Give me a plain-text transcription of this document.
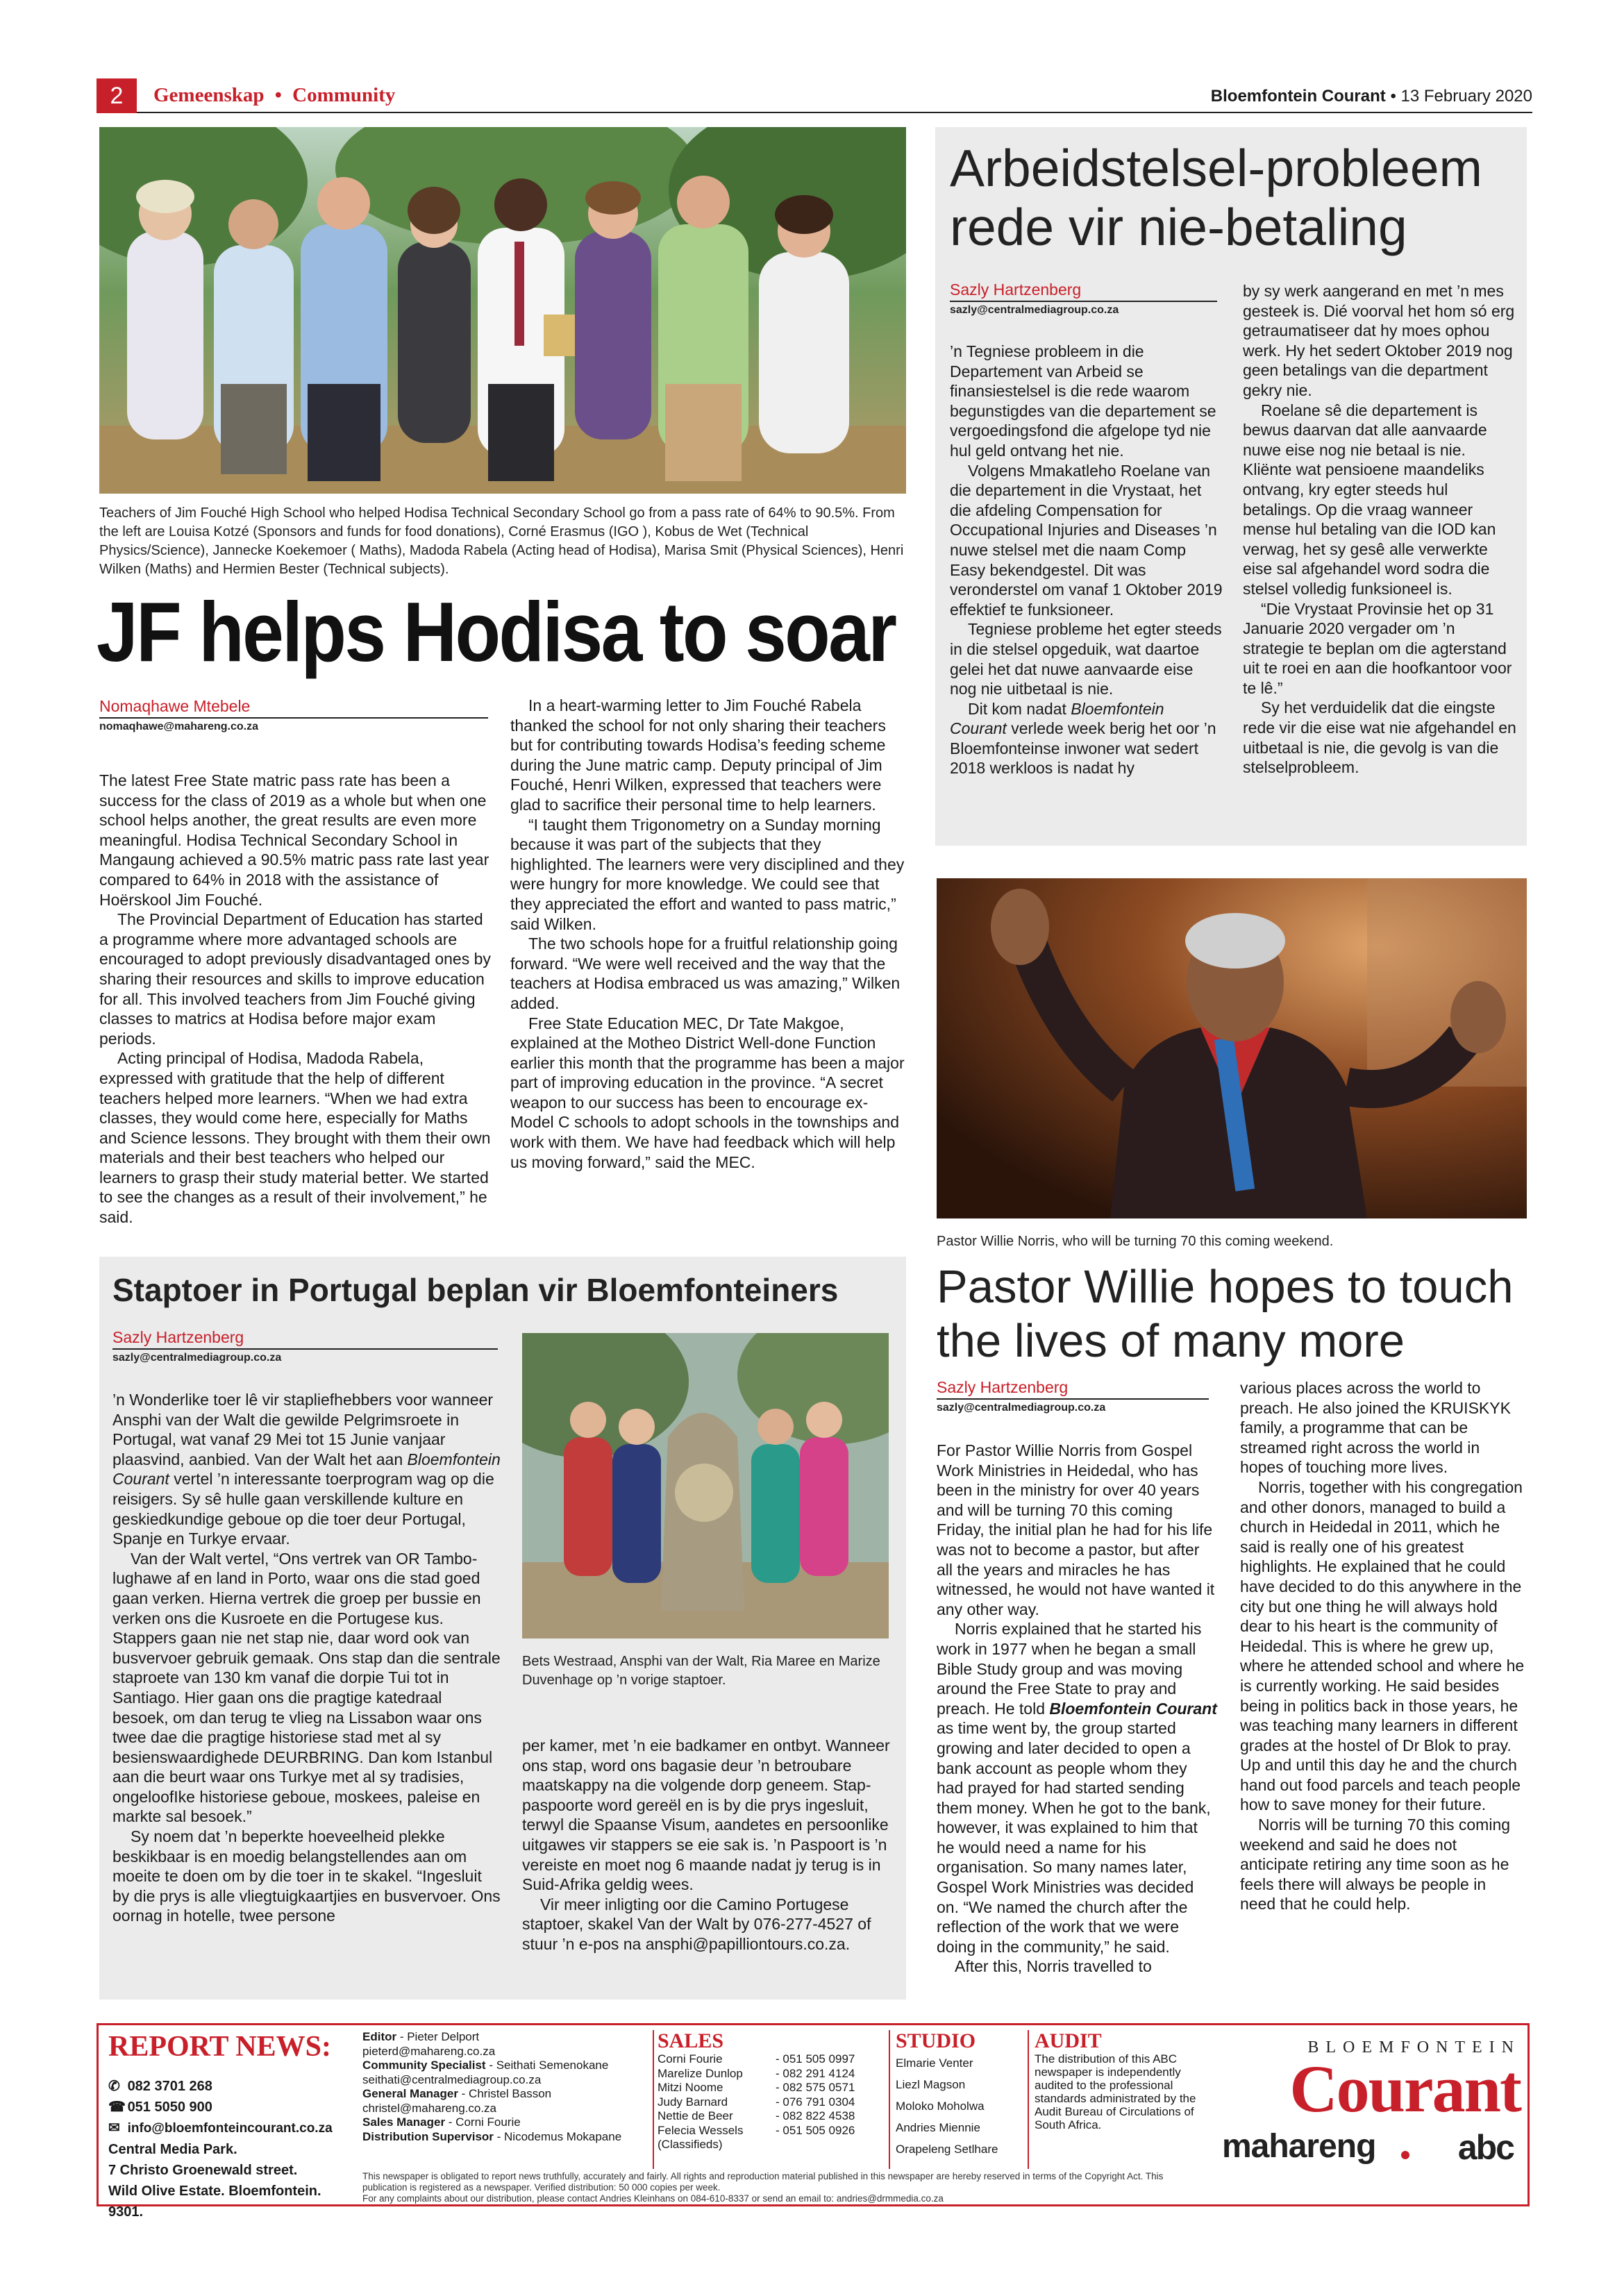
2	Gemeenskap • Community	Bloemfontein Courant • 13 February 2020
Teachers of Jim Fouché High School who helped Hodisa Technical Secondary School go from a pass rate of 64% to 90.5%. From the left are Louisa Kotzé (Sponsors and funds for food donations), Corné Erasmus (IGO ), Kobus de Wet (Technical Physics/Science), Jannecke Koekemoer ( Maths), Madoda Rabela (Acting head of Hodisa), Marisa Smit (Physical Sciences), Henri Wilken (Maths) and Hermien Bester (Technical subjects).
JF helps Hodisa to soar
Nomaqhawe Mtebele
nomaqhawe@mahareng.co.za

The latest Free State matric pass rate has been a success for the class of 2019 as a whole but when one school helps another, the great results are even more meaningful. Hodisa Technical Secondary School in Mangaung achieved a 90.5% matric pass rate last year compared to 64% in 2018 with the assistance of Hoërskool Jim Fouché.

The Provincial Department of Education has started a programme where more advantaged schools are encouraged to adopt previously disadvantaged ones by sharing their resources and skills to improve education for all. This involved teachers from Jim Fouché giving classes to matrics at Hodisa before major exam periods.

Acting principal of Hodisa, Madoda Rabela, expressed with gratitude that the help of different teachers helped more learners. “When we had extra classes, they would come here, especially for Maths and Science lessons. They brought with them their own materials and their best teachers who helped our learners to grasp their study material better. We started to see the changes as a result of their involvement,” he said.

In a heart-warming letter to Jim Fouché Rabela thanked the school for not only sharing their teachers but for contributing towards Hodisa’s feeding scheme during the June matric camp. Deputy principal of Jim Fouché, Henri Wilken, expressed that teachers were glad to sacrifice their personal time to help learners.

“I taught them Trigonometry on a Sunday morning because it was part of the subjects that they highlighted. The learners were very disciplined and they were hungry for more knowledge. We could see that they appreciated the effort and wanted to pass matric,” said Wilken.

The two schools hope for a fruitful relationship going forward. “We were well received and the way that the teachers at Hodisa embraced us was amazing,” Wilken added.

Free State Education MEC, Dr Tate Makgoe, explained at the Motheo District Well-done Function earlier this month that the programme has been a major part of improving education in the province. “A secret weapon to our success has been to encourage ex-Model C schools to adopt schools in the townships and work with them. We have had feedback which will help us moving forward,” said the MEC.

Arbeidstelsel-probleem rede vir nie-betaling
Sazly Hartzenberg
sazly@centralmediagroup.co.za

’n Tegniese probleem in die Departement van Arbeid se finansiestelsel is die rede waarom begunstigdes van die departement se vergoedingsfond die afgelope tyd nie hul geld ontvang het nie.

Volgens Mmakatleho Roelane van die departement in die Vrystaat, het die afdeling Compensation for Occupational Injuries and Diseases ’n nuwe stelsel met die naam Comp Easy bekendgestel. Dit was veronderstel om vanaf 1 Oktober 2019 effektief te funksioneer.

Tegniese probleme het egter steeds in die stelsel opgeduik, wat daartoe gelei het dat nuwe aanvaarde eise nog nie uitbetaal is nie.

Dit kom nadat Bloemfontein Courant verlede week berig het oor ’n Bloemfonteinse inwoner wat sedert 2018 werkloos is nadat hy

by sy werk aangerand en met ’n mes gesteek is. Dié voorval het hom só erg getraumatiseer dat hy moes ophou werk. Hy het sedert Oktober 2019 nog geen betalings van die department gekry nie.

Roelane sê die departement is bewus daarvan dat alle aanvaarde nuwe eise nog nie betaal is nie. Kliënte wat pensioene maandeliks ontvang, kry egter steeds hul betalings. Op die vraag wanneer mense hul betaling van die IOD kan verwag, het sy gesê alle verwerkte eise sal afgehandel word sodra die stelsel volledig funksioneel is.

“Die Vrystaat Provinsie het op 31 Januarie 2020 vergader om ’n strategie te beplan om die agterstand uit te roei en aan die hoofkantoor voor te lê.”

Sy het verduidelik dat die eingste rede vir die eise wat nie afgehandel en uitbetaal is nie, die gevolg is van die stelselprobleem.

Pastor Willie Norris, who will be turning 70 this coming weekend.
Staptoer in Portugal beplan vir Bloemfonteiners
Sazly Hartzenberg
sazly@centralmediagroup.co.za

’n Wonderlike toer lê vir stapliefhebbers voor wanneer Ansphi van der Walt die gewilde Pelgrimsroete in Portugal, wat vanaf 29 Mei tot 15 Junie vanjaar plaasvind, aanbied. Van der Walt het aan Bloemfontein Courant vertel ’n interessante toerprogram wag op die reisigers. Sy sê hulle gaan verskillende kulture en geskiedkundige geboue op die toer deur Portugal, Spanje en Turkye ervaar.

Van der Walt vertel, “Ons vertrek van OR Tambo-lughawe af en land in Porto, waar ons die stad goed gaan verken. Hierna vertrek die groep per bussie en verken ons die Kusroete en die Portugese kus. Stappers gaan nie net stap nie, daar word ook van busvervoer gebruik gemaak. Ons stap dan die sentrale staproete van 130 km vanaf die dorpie Tui tot in Santiago. Hier gaan ons die pragtige katedraal besoek, om dan terug te vlieg na Lissabon waar ons twee dae die pragtige historiese stad met al sy besienswaardighede DEURBRING. Dan kom Istanbul aan die beurt waar ons Turkye met al sy tradisies, ongeloofIke historiese geboue, moskees, paleise en markte sal besoek.”

Sy noem dat ’n beperkte hoeveelheid plekke beskikbaar is en moedig belangstellendes aan om moeite te doen om by die toer in te skakel. “Ingesluit by die prys is alle vliegtuigkaartjies en busvervoer. Ons oornag in hotelle, twee persone

Bets Westraad, Ansphi van der Walt, Ria Maree en Marize Duvenhage op ’n vorige staptoer.

per kamer, met ’n eie badkamer en ontbyt. Wanneer ons stap, word ons bagasie deur ’n betroubare maatskappy na die volgende dorp geneem. Stap-paspoorte word gereël en is by die prys ingesluit, terwyl die Spaanse Visum, aandetes en persoonlike uitgawes vir stappers se eie sak is. ’n Paspoort is ’n vereiste en moet nog 6 maande nadat jy terug is in Suid-Afrika geldig wees.

Vir meer inligting oor die Camino Portugese staptoer, skakel Van der Walt by 076-277-4527 of stuur ’n e-pos na ansphi@papilliontours.co.za.

Pastor Willie hopes to touch the lives of many more
Sazly Hartzenberg
sazly@centralmediagroup.co.za

For Pastor Willie Norris from Gospel Work Ministries in Heidedal, who has been in the ministry for over 40 years and will be turning 70 this coming Friday, the initial plan he had for his life was not to become a pastor, but after all the years and miracles he has witnessed, he would not have wanted it any other way.

Norris explained that he started his work in 1977 when he began a small Bible Study group and was moving around the Free State to pray and preach. He told Bloemfontein Courant as time went by, the group started growing and later decided to open a bank account as people whom they had prayed for had started sending them money. When he got to the bank, however, it was explained to him that he would need a name for his organisation. So many names later, Gospel Work Ministries was decided on. “We named the church after the reflection of the work that we were doing in the community,” he said.

After this, Norris travelled to

various places across the world to preach. He also joined the KRUISKYK family, a programme that can be streamed right across the world in hopes of touching more lives.

Norris, together with his congregation and other donors, managed to build a church in Heidedal in 2011, which he said is really one of his greatest highlights. He explained that he could have decided to do this anywhere in the city but one thing he will always hold dear to his heart is the community of Heidedal. This is where he grew up, where he attended school and where he is currently working. He said besides being in politics back in those years, he was teaching many learners in different grades at the hostel of Dr Blok to pray. Up and until this day he and the church hand out food parcels and teach people how to save money for their future.

Norris will be turning 70 this coming weekend and said he does not anticipate retiring any time soon as he feels there will always be people in need that he could help.

REPORT NEWS:
✆ 082 3701 268
☎ 051 5050 900
✉ info@bloemfonteincourant.co.za
Central Media Park.
7 Christo Groenewald street.
Wild Olive Estate. Bloemfontein. 9301.
Editor - Pieter Delport
pieterd@mahareng.co.za
Community Specialist - Seithati Semenokane
seithati@centralmediagroup.co.za
General Manager - Christel Basson
christel@mahareng.co.za
Sales Manager - Corni Fourie
Distribution Supervisor - Nicodemus Mokapane
SALES
Corni Fourie	- 051 505 0997
Marelize Dunlop	- 082 291 4124
Mitzi Noome	- 082 575 0571
Judy Barnard	- 076 791 0304
Nettie de Beer	- 082 822 4538
Felecia Wessels	- 051 505 0926
(Classifieds)
STUDIO
Elmarie Venter
Liezl Magson
Moloko Moholwa
Andries Miennie
Orapeleng Setlhare
AUDIT
The distribution of this ABC newspaper is independently audited to the professional standards administrated by the Audit Bureau of Circulations of South Africa.
BLOEMFONTEIN
Courant
mahareng abc
This newspaper is obligated to report news truthfully, accurately and fairly. All rights and reproduction material published in this newspaper are hereby reserved in terms of the Copyright Act. This publication is registered as a newspaper. Verified distribution: 50 000 copies per week.
For any complaints about our distribution, please contact Andries Kleinhans on 084-610-8337 or send an email to: andries@drmmedia.co.za
